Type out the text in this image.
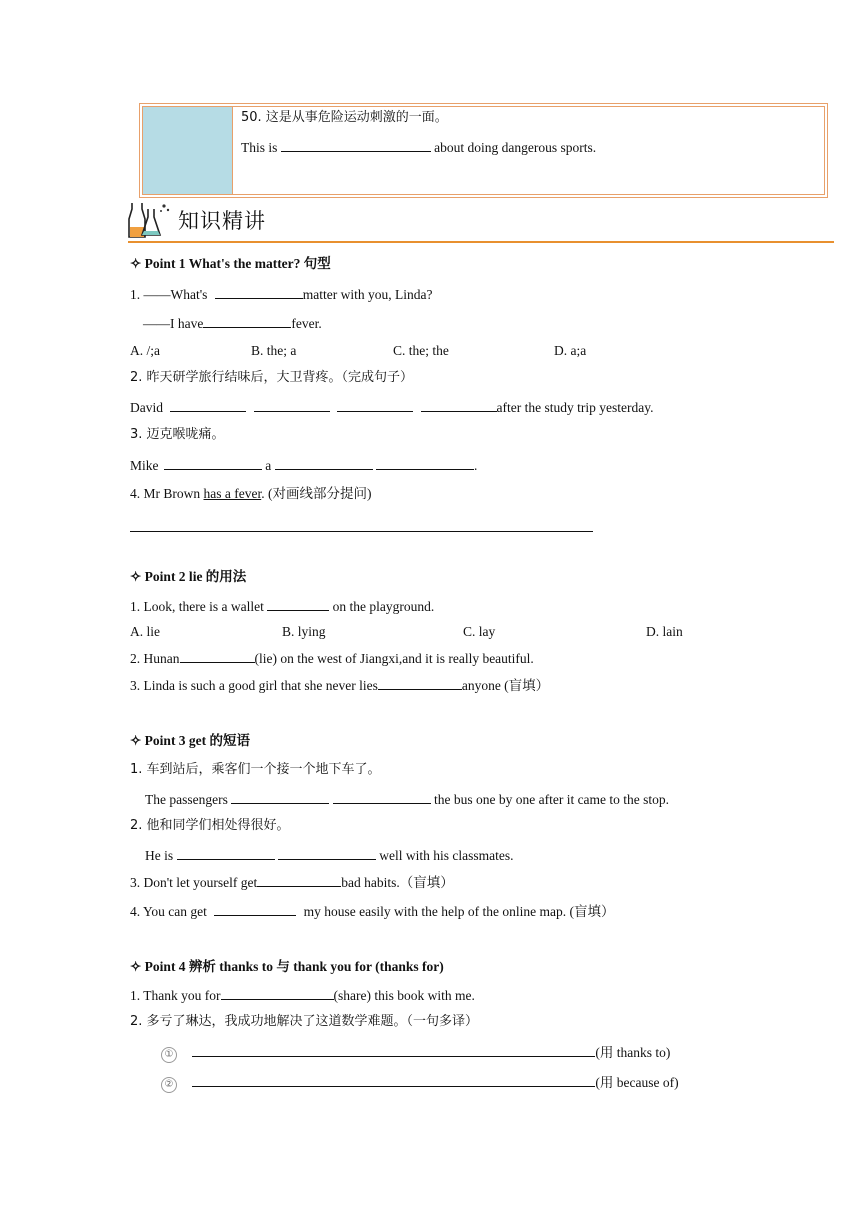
50. 这是从事危险运动刺激的一面。
This is	about doing dangerous sports.
知识精讲
✧ Point 1 What's the matter? 句型
1. ——What's	matter with you, Linda?
——I have	fever.
A. /;a	B. the; a	C. the; the	D. a;a
2. 昨天研学旅行结味后，大卫背疼。（完成句子）
David	after the study trip yesterday.
3. 迈克喉咙痛。
Mike	a	.
4. Mr Brown has a fever. (对画线部分提问)
✧ Point 2 lie 的用法
1. Look, there is a wallet	on the playground.
A. lie	B. lying	C. lay	D. lain
2. Hunan	(lie) on the west of Jiangxi,and it is really beautiful.
3. Linda is such a good girl that she never lies	anyone (盲填）
✧ Point 3 get 的短语
1. 车到站后，乘客们一个接一个地下车了。
The passengers	the bus one by one after it came to the stop.
2. 他和同学们相处得很好。
He is	well with his classmates.
3. Don't let yourself get	bad habits.（盲填）
4. You can get	my house easily with the help of the online map. (盲填）
✧ Point 4 辨析 thanks to 与 thank you for (thanks for)
1. Thank you for	(share) this book with me.
2. 多亏了琳达，我成功地解决了这道数学难题。（一句多译）
①	(用 thanks to)
②	(用 because of)
